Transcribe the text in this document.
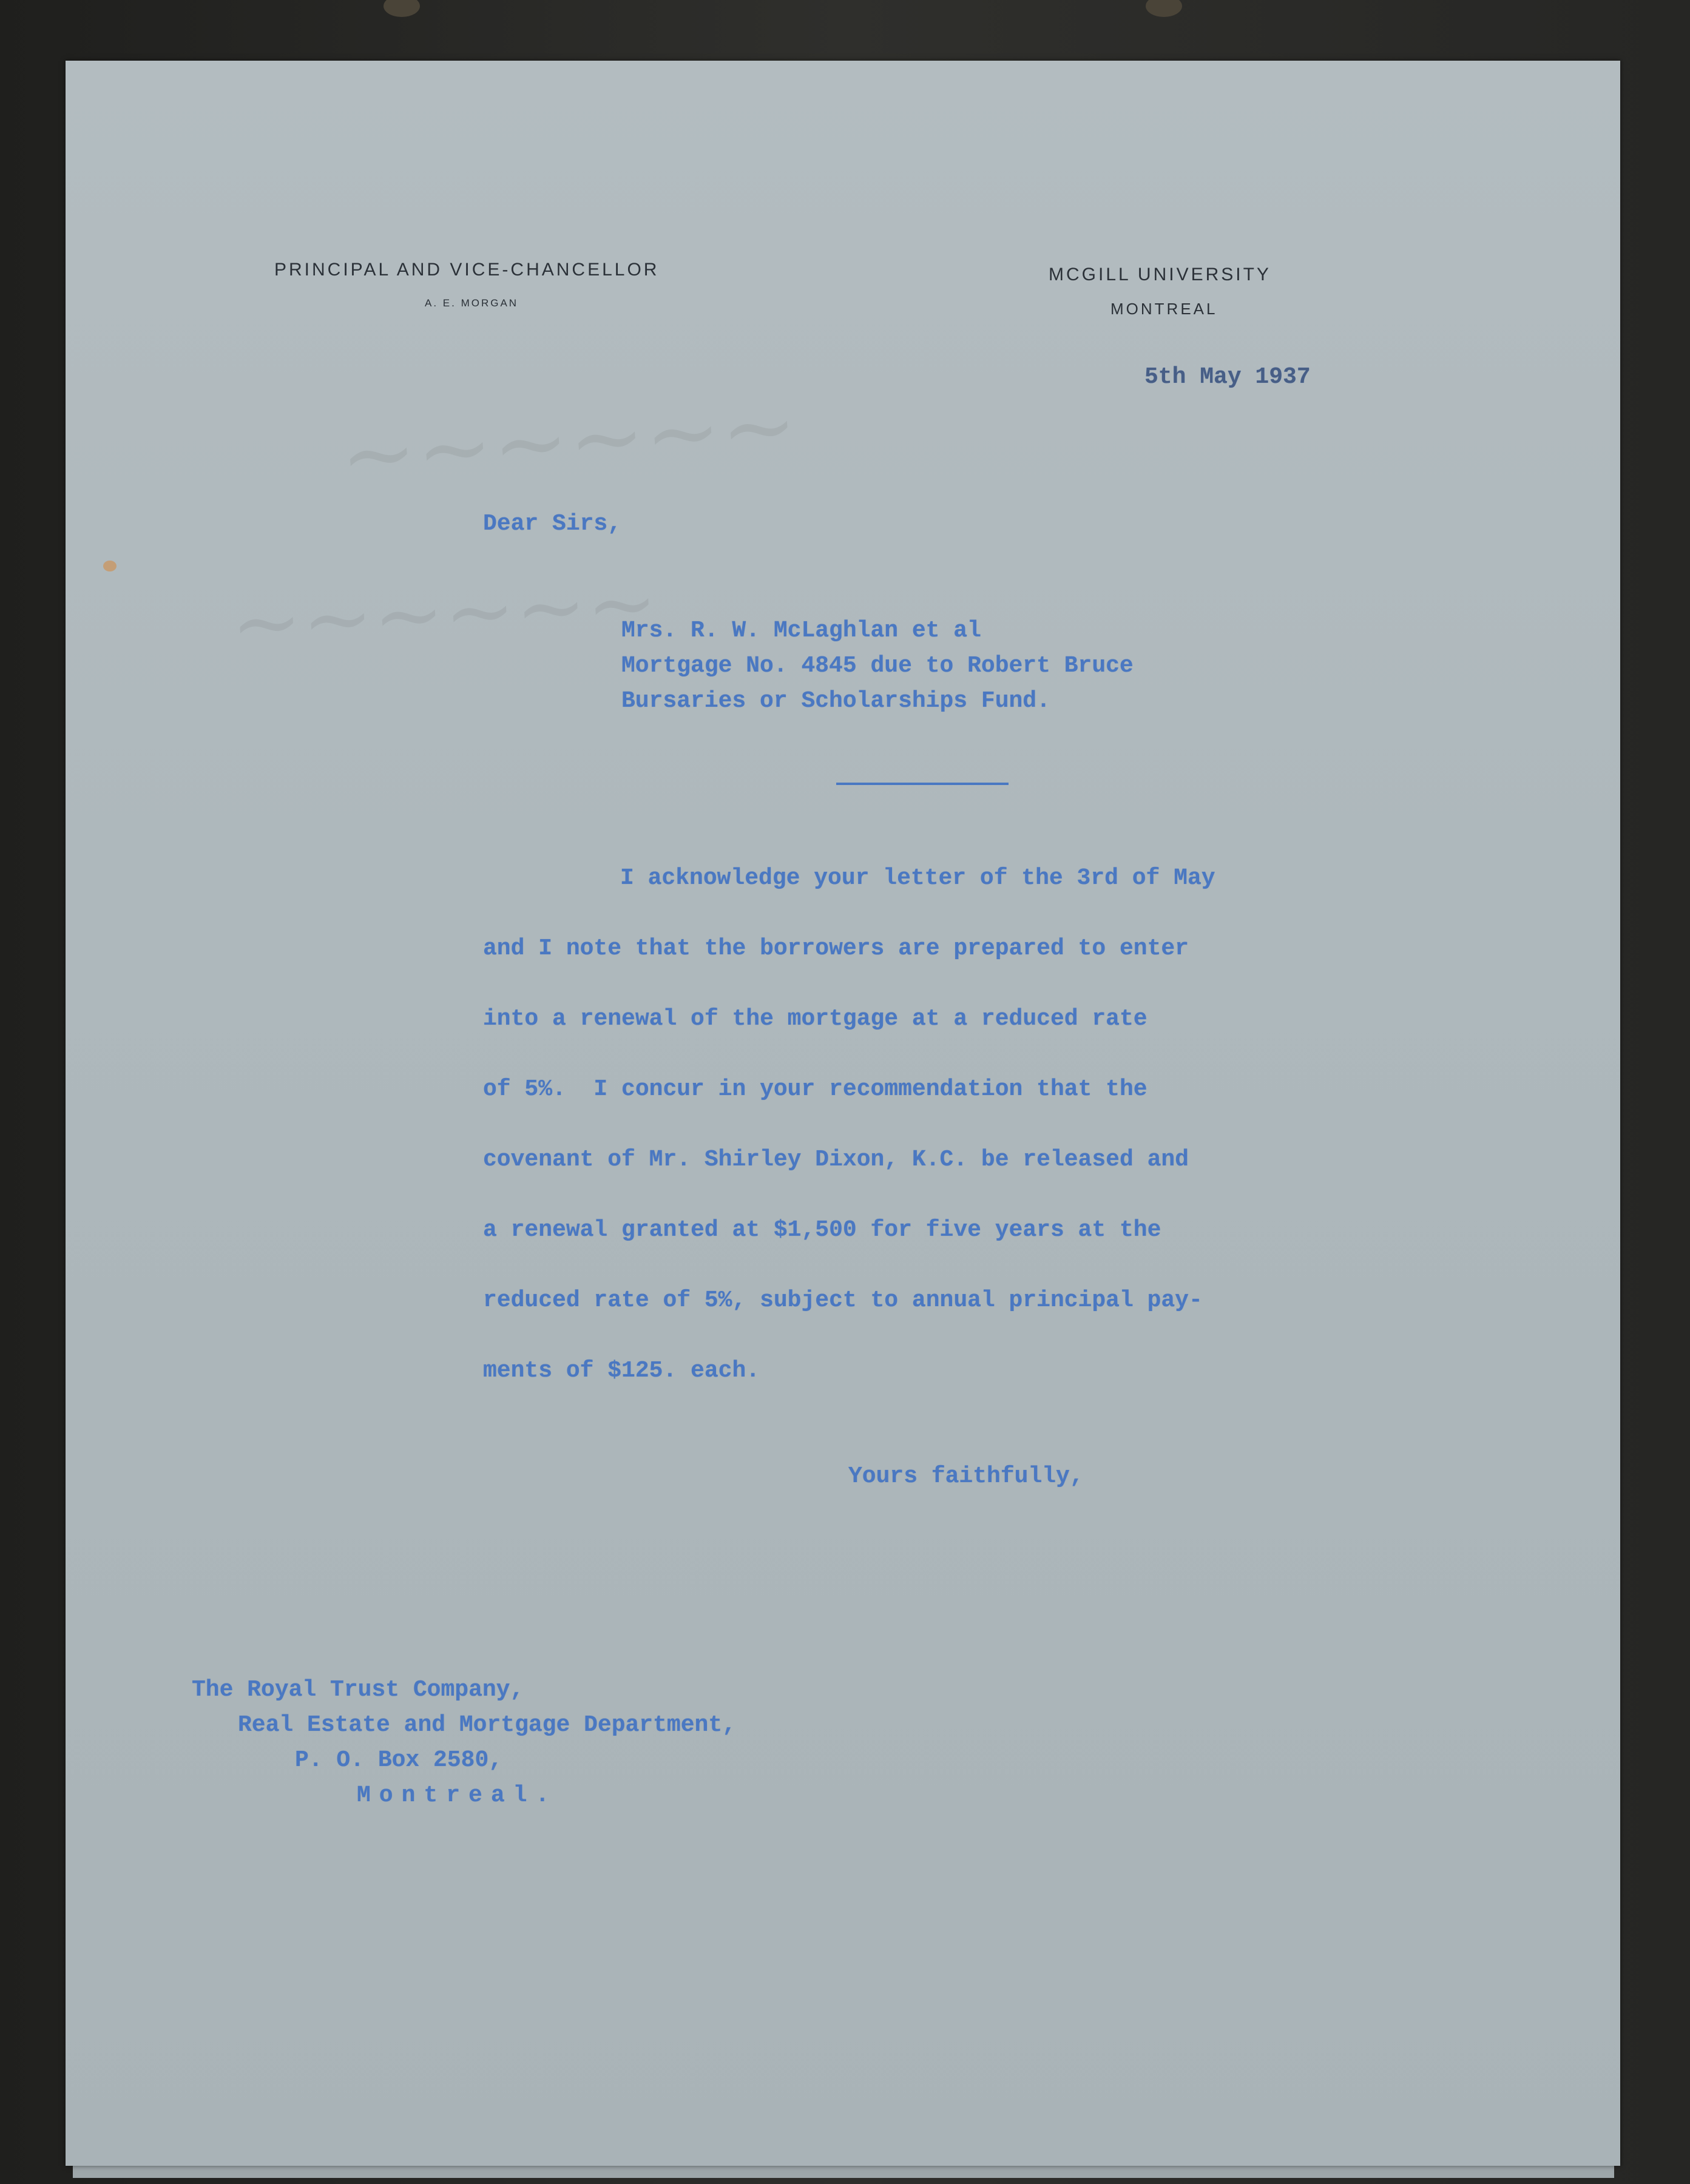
~~~~~~
~~~~~~
PRINCIPAL AND VICE-CHANCELLOR
A. E. MORGAN
MCGILL UNIVERSITY
MONTREAL
5th May 1937
Dear Sirs,
Mrs. R. W. McLaghlan et al
Mortgage No. 4845 due to Robert Bruce
Bursaries or Scholarships Fund.
I acknowledge your letter of the 3rd of May
and I note that the borrowers are prepared to enter
into a renewal of the mortgage at a reduced rate
of 5%.  I concur in your recommendation that the
covenant of Mr. Shirley Dixon, K.C. be released and
a renewal granted at $1,500 for five years at the
reduced rate of 5%, subject to annual principal pay-
ments of $125. each.
Yours faithfully,
The Royal Trust Company,
Real Estate and Mortgage Department,
P. O. Box 2580,
Montreal.
